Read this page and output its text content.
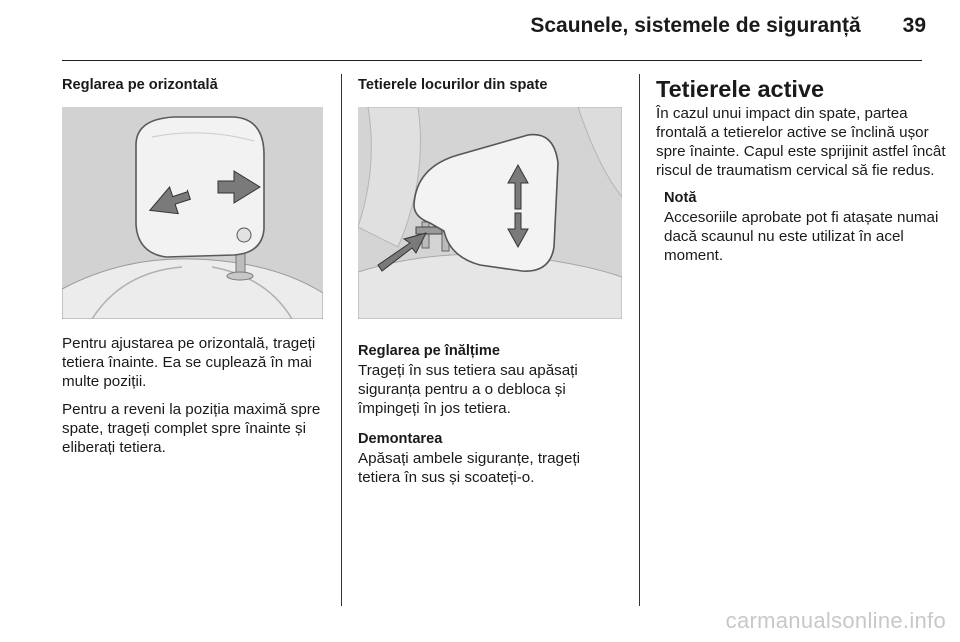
Scaunele, sistemele de siguranță 39
Reglarea pe orizontală

Pentru ajustarea pe orizontală, trageți tetiera înainte. Ea se cuplează în mai multe poziții.

Pentru a reveni la poziția maximă spre spate, trageți complet spre înainte și eliberați tetiera.

Tetierele locurilor din spate
Reglarea pe înălțime

Trageți în sus tetiera sau apăsați siguranța pentru a o debloca și împingeți în jos tetiera.

Demontarea

Apăsați ambele siguranțe, trageți tetiera în sus și scoateți-o.

Tetierele active

În cazul unui impact din spate, partea frontală a tetierelor active se înclină ușor spre înainte. Capul este sprijinit astfel încât riscul de traumatism cervical să fie redus.

Notă

Accesoriile aprobate pot fi atașate numai dacă scaunul nu este utilizat în acel moment.

carmanualsonline.info
